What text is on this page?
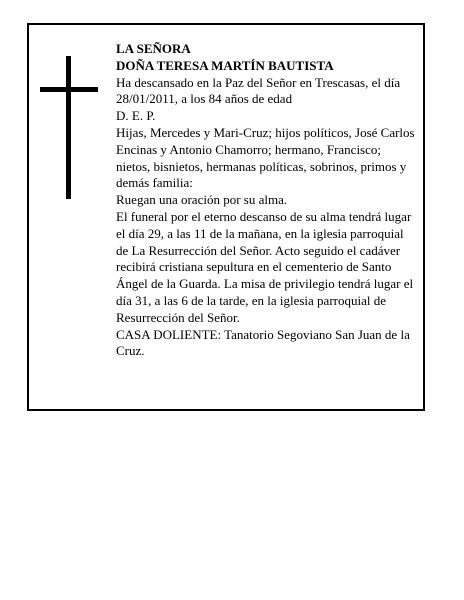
LA SEÑORA

DOÑA TERESA MARTÍN BAUTISTA

Ha descansado en la Paz del Señor en Trescasas, el día 28/01/2011, a los 84 años de edad

D. E. P.

Hijas, Mercedes y Mari-Cruz; hijos políticos, José Carlos Encinas y Antonio Chamorro; hermano, Francisco; nietos, bisnietos, hermanas políticas, sobrinos, primos y demás familia:

Ruegan una oración por su alma.

El funeral por el eterno descanso de su alma tendrá lugar el día 29, a las 11 de la mañana, en la iglesia parroquial de La Resurrección del Señor. Acto seguido el cadáver recibirá cristiana sepultura en el cementerio de Santo Ángel de la Guarda. La misa de privilegio tendrá lugar el día 31, a las 6 de la tarde, en la iglesia parroquial de Resurrección del Señor.

CASA DOLIENTE: Tanatorio Segoviano San Juan de la Cruz.
